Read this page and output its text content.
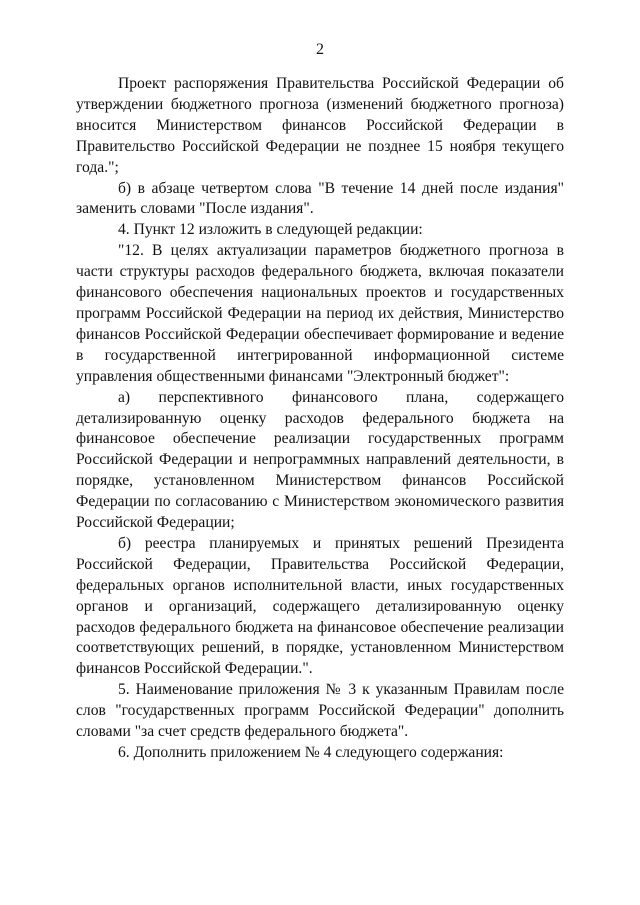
2

Проект распоряжения Правительства Российской Федерации об утверждении бюджетного прогноза (изменений бюджетного прогноза) вносится Министерством финансов Российской Федерации в Правительство Российской Федерации не позднее 15 ноября текущего года.";

б) в абзаце четвертом слова "В течение 14 дней после издания" заменить словами "После издания".

4. Пункт 12 изложить в следующей редакции:

"12. В целях актуализации параметров бюджетного прогноза в части структуры расходов федерального бюджета, включая показатели финансового обеспечения национальных проектов и государственных программ Российской Федерации на период их действия, Министерство финансов Российской Федерации обеспечивает формирование и ведение в государственной интегрированной информационной системе управления общественными финансами "Электронный бюджет":

а) перспективного финансового плана, содержащего детализированную оценку расходов федерального бюджета на финансовое обеспечение реализации государственных программ Российской Федерации и непрограммных направлений деятельности, в порядке, установленном Министерством финансов Российской Федерации по согласованию с Министерством экономического развития Российской Федерации;

б) реестра планируемых и принятых решений Президента Российской Федерации, Правительства Российской Федерации, федеральных органов исполнительной власти, иных государственных органов и организаций, содержащего детализированную оценку расходов федерального бюджета на финансовое обеспечение реализации соответствующих решений, в порядке, установленном Министерством финансов Российской Федерации.".

5. Наименование приложения № 3 к указанным Правилам после слов "государственных программ Российской Федерации" дополнить словами "за счет средств федерального бюджета".

6. Дополнить приложением № 4 следующего содержания:
